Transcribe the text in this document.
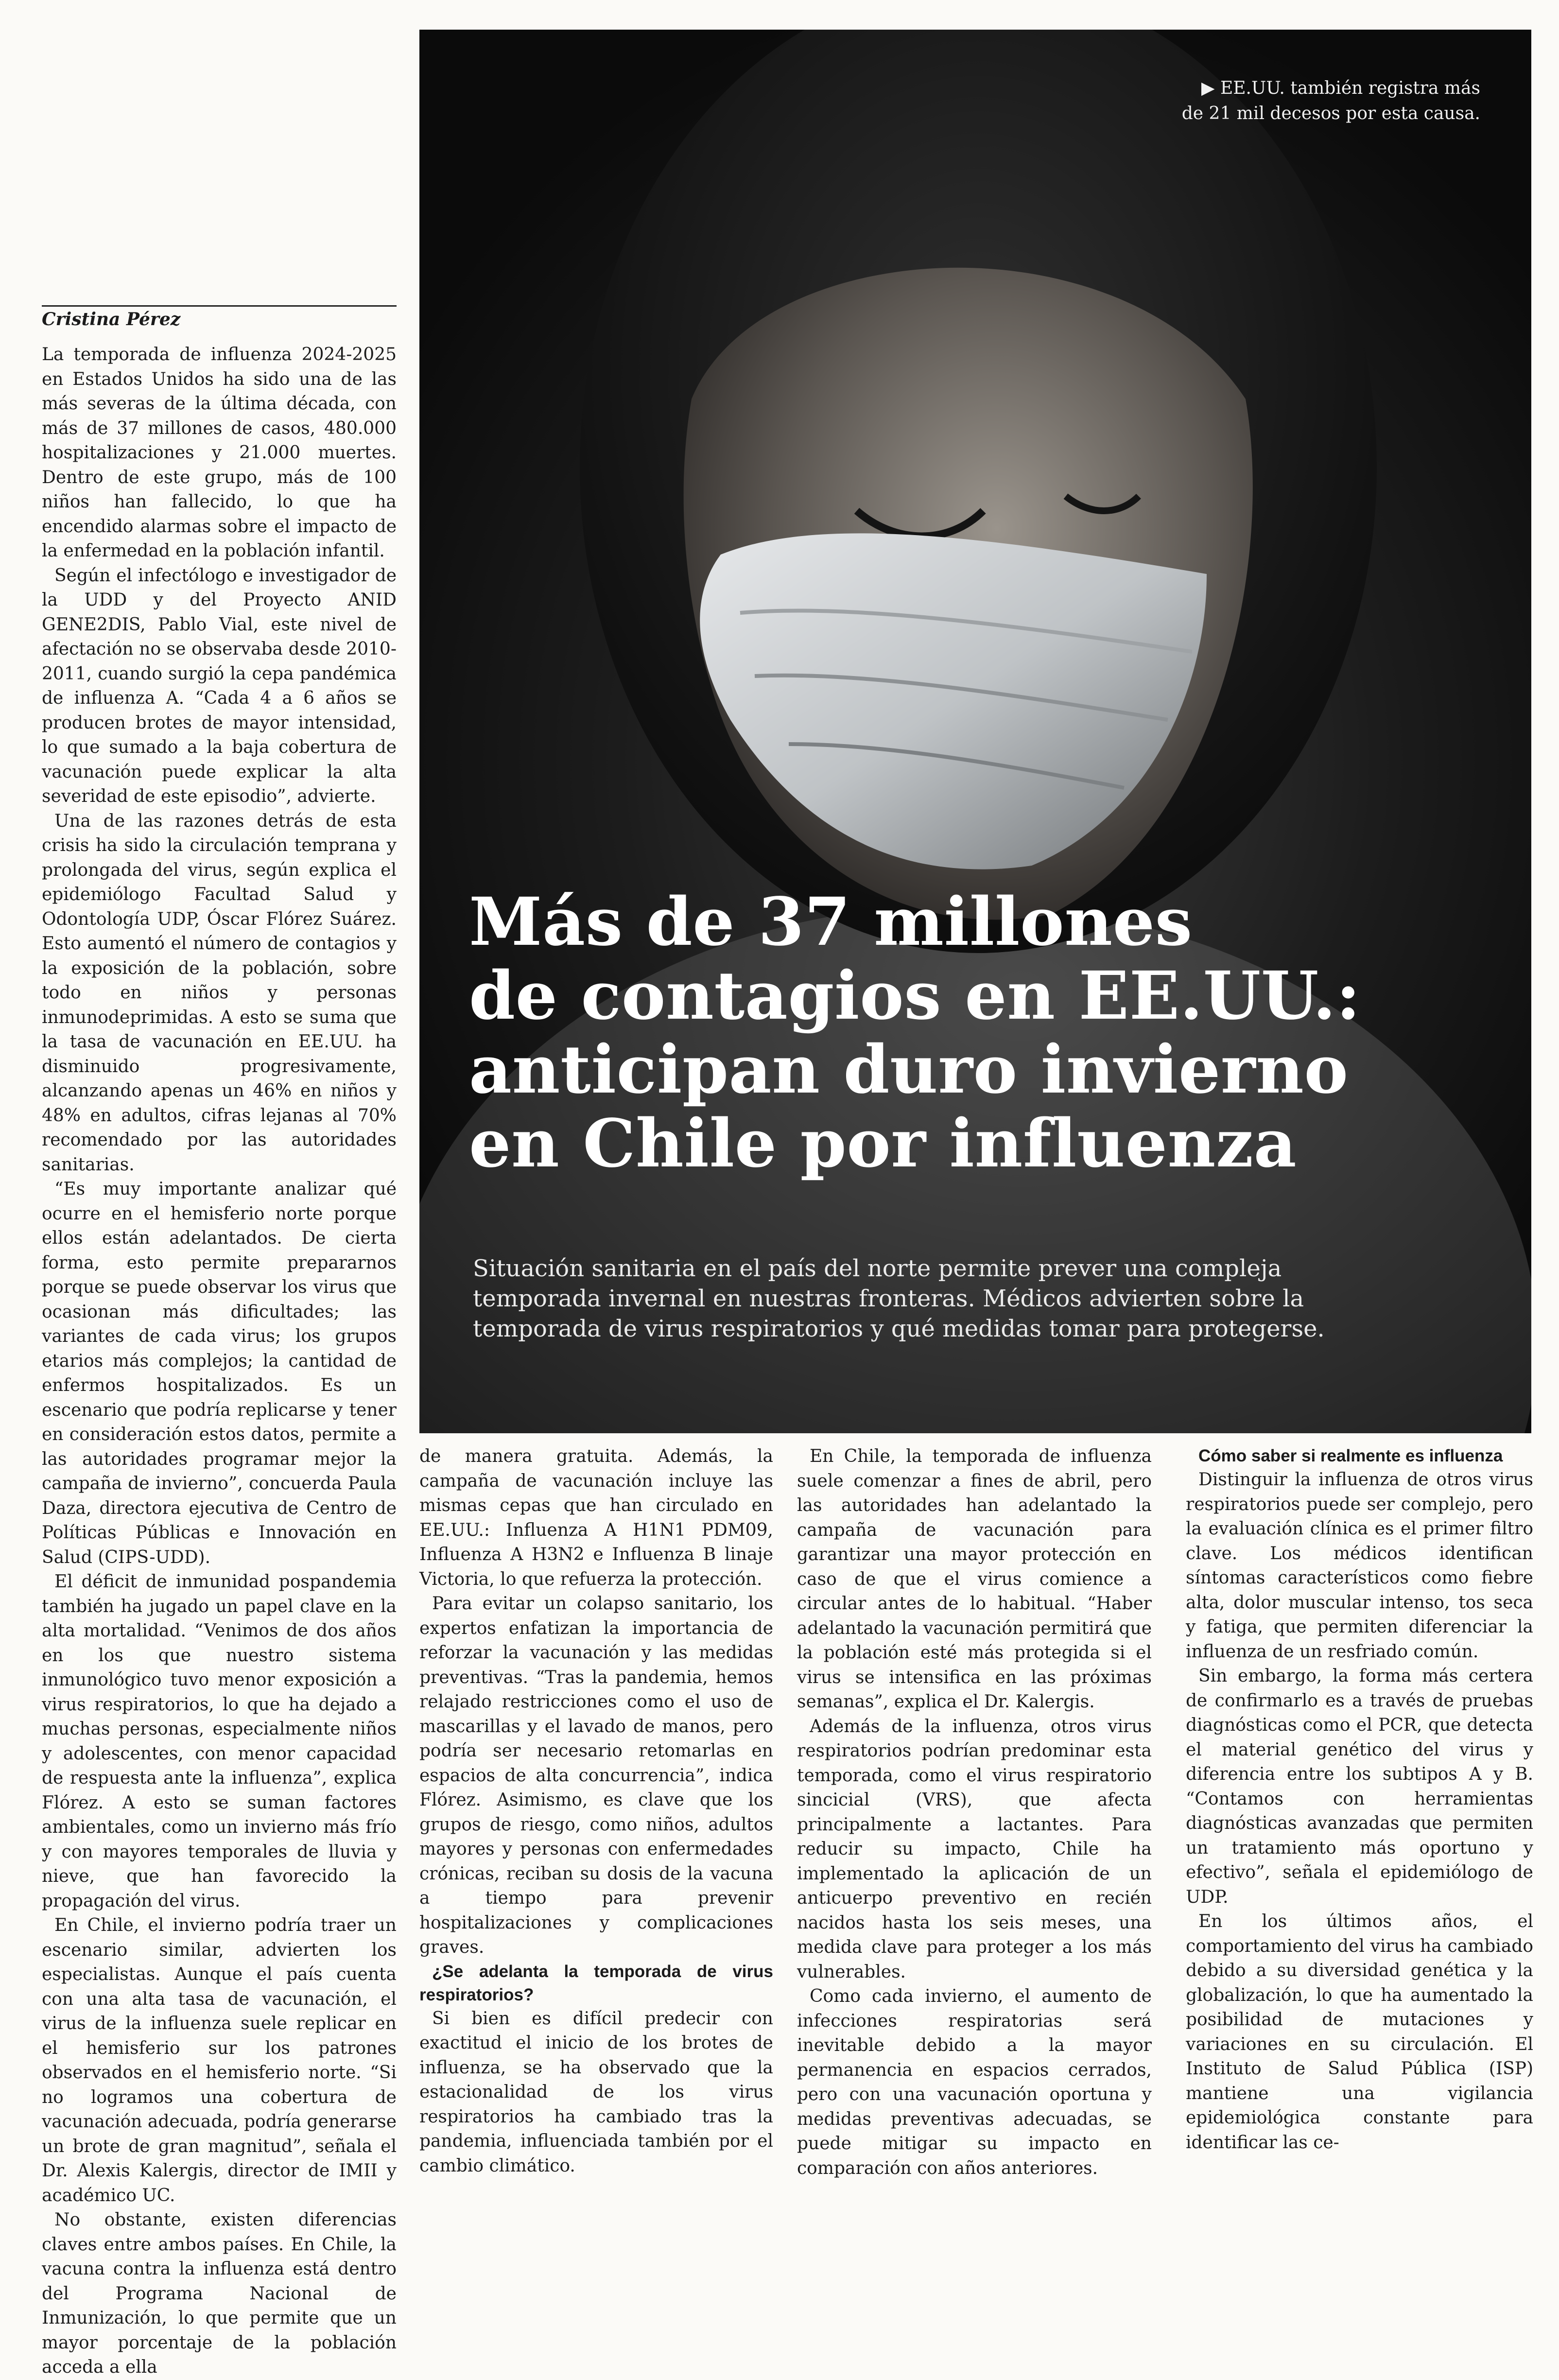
Cristina Pérez

La temporada de influenza 2024-2025 en Estados Unidos ha sido una de las más severas de la última década, con más de 37 millones de casos, 480.000 hospitalizaciones y 21.000 muertes. Dentro de este grupo, más de 100 niños han fallecido, lo que ha encendido alarmas sobre el impacto de la enfermedad en la población infantil.

Según el infectólogo e investigador de la UDD y del Proyecto ANID GENE2DIS, Pablo Vial, este nivel de afectación no se observaba desde 2010-2011, cuando surgió la cepa pandémica de influenza A. “Cada 4 a 6 años se producen brotes de mayor intensidad, lo que sumado a la baja cobertura de vacunación puede explicar la alta severidad de este episodio”, advierte.

Una de las razones detrás de esta crisis ha sido la circulación temprana y prolongada del virus, según explica el epidemiólogo Facultad Salud y Odontología UDP, Óscar Flórez Suárez. Esto aumentó el número de contagios y la exposición de la población, sobre todo en niños y personas inmunodeprimidas. A esto se suma que la tasa de vacunación en EE.UU. ha disminuido progresivamente, alcanzando apenas un 46% en niños y 48% en adultos, cifras lejanas al 70% recomendado por las autoridades sanitarias.

“Es muy importante analizar qué ocurre en el hemisferio norte porque ellos están adelantados. De cierta forma, esto permite prepararnos porque se puede observar los virus que ocasionan más dificultades; las variantes de cada virus; los grupos etarios más complejos; la cantidad de enfermos hospitalizados. Es un escenario que podría replicarse y tener en consideración estos datos, permite a las autoridades programar mejor la campaña de invierno”, concuerda Paula Daza, directora ejecutiva de Centro de Políticas Públicas e Innovación en Salud (CIPS-UDD).

El déficit de inmunidad pospandemia también ha jugado un papel clave en la alta mortalidad. “Venimos de dos años en los que nuestro sistema inmunológico tuvo menor exposición a virus respiratorios, lo que ha dejado a muchas personas, especialmente niños y adolescentes, con menor capacidad de respuesta ante la influenza”, explica Flórez. A esto se suman factores ambientales, como un invierno más frío y con mayores temporales de lluvia y nieve, que han favorecido la propagación del virus.

En Chile, el invierno podría traer un escenario similar, advierten los especialistas. Aunque el país cuenta con una alta tasa de vacunación, el virus de la influenza suele replicar en el hemisferio sur los patrones observados en el hemisferio norte. “Si no logramos una cobertura de vacunación adecuada, podría generarse un brote de gran magnitud”, señala el Dr. Alexis Kalergis, director de IMII y académico UC.

No obstante, existen diferencias claves entre ambos países. En Chile, la vacuna contra la influenza está dentro del Programa Nacional de Inmunización, lo que permite que un mayor porcentaje de la población acceda a ella

▶ EE.UU. también registra más de 21 mil decesos por esta causa.
Más de 37 millones
de contagios en EE.UU.:
anticipan duro invierno
en Chile por influenza
Situación sanitaria en el país del norte permite prever una compleja temporada invernal en nuestras fronteras. Médicos advierten sobre la temporada de virus respiratorios y qué medidas tomar para protegerse.

de manera gratuita. Además, la campaña de vacunación incluye las mismas cepas que han circulado en EE.UU.: Influenza A H1N1 PDM09, Influenza A H3N2 e Influenza B linaje Victoria, lo que refuerza la protección.

Para evitar un colapso sanitario, los expertos enfatizan la importancia de reforzar la vacunación y las medidas preventivas. “Tras la pandemia, hemos relajado restricciones como el uso de mascarillas y el lavado de manos, pero podría ser necesario retomarlas en espacios de alta concurrencia”, indica Flórez. Asimismo, es clave que los grupos de riesgo, como niños, adultos mayores y personas con enfermedades crónicas, reciban su dosis de la vacuna a tiempo para prevenir hospitalizaciones y complicaciones graves.

¿Se adelanta la temporada de virus respiratorios?

Si bien es difícil predecir con exactitud el inicio de los brotes de influenza, se ha observado que la estacionalidad de los virus respiratorios ha cambiado tras la pandemia, influenciada también por el cambio climático.

En Chile, la temporada de influenza suele comenzar a fines de abril, pero las autoridades han adelantado la campaña de vacunación para garantizar una mayor protección en caso de que el virus comience a circular antes de lo habitual. “Haber adelantado la vacunación permitirá que la población esté más protegida si el virus se intensifica en las próximas semanas”, explica el Dr. Kalergis.

Además de la influenza, otros virus respiratorios podrían predominar esta temporada, como el virus respiratorio sincicial (VRS), que afecta principalmente a lactantes. Para reducir su impacto, Chile ha implementado la aplicación de un anticuerpo preventivo en recién nacidos hasta los seis meses, una medida clave para proteger a los más vulnerables.

Como cada invierno, el aumento de infecciones respiratorias será inevitable debido a la mayor permanencia en espacios cerrados, pero con una vacunación oportuna y medidas preventivas adecuadas, se puede mitigar su impacto en comparación con años anteriores.

Cómo saber si realmente es influenza

Distinguir la influenza de otros virus respiratorios puede ser complejo, pero la evaluación clínica es el primer filtro clave. Los médicos identifican síntomas característicos como fiebre alta, dolor muscular intenso, tos seca y fatiga, que permiten diferenciar la influenza de un resfriado común.

Sin embargo, la forma más certera de confirmarlo es a través de pruebas diagnósticas como el PCR, que detecta el material genético del virus y diferencia entre los subtipos A y B. “Contamos con herramientas diagnósticas avanzadas que permiten un tratamiento más oportuno y efectivo”, señala el epidemiólogo de UDP.

En los últimos años, el comportamiento del virus ha cambiado debido a su diversidad genética y la globalización, lo que ha aumentado la posibilidad de mutaciones y variaciones en su circulación. El Instituto de Salud Pública (ISP) mantiene una vigilancia epidemiológica constante para identificar las ce-
